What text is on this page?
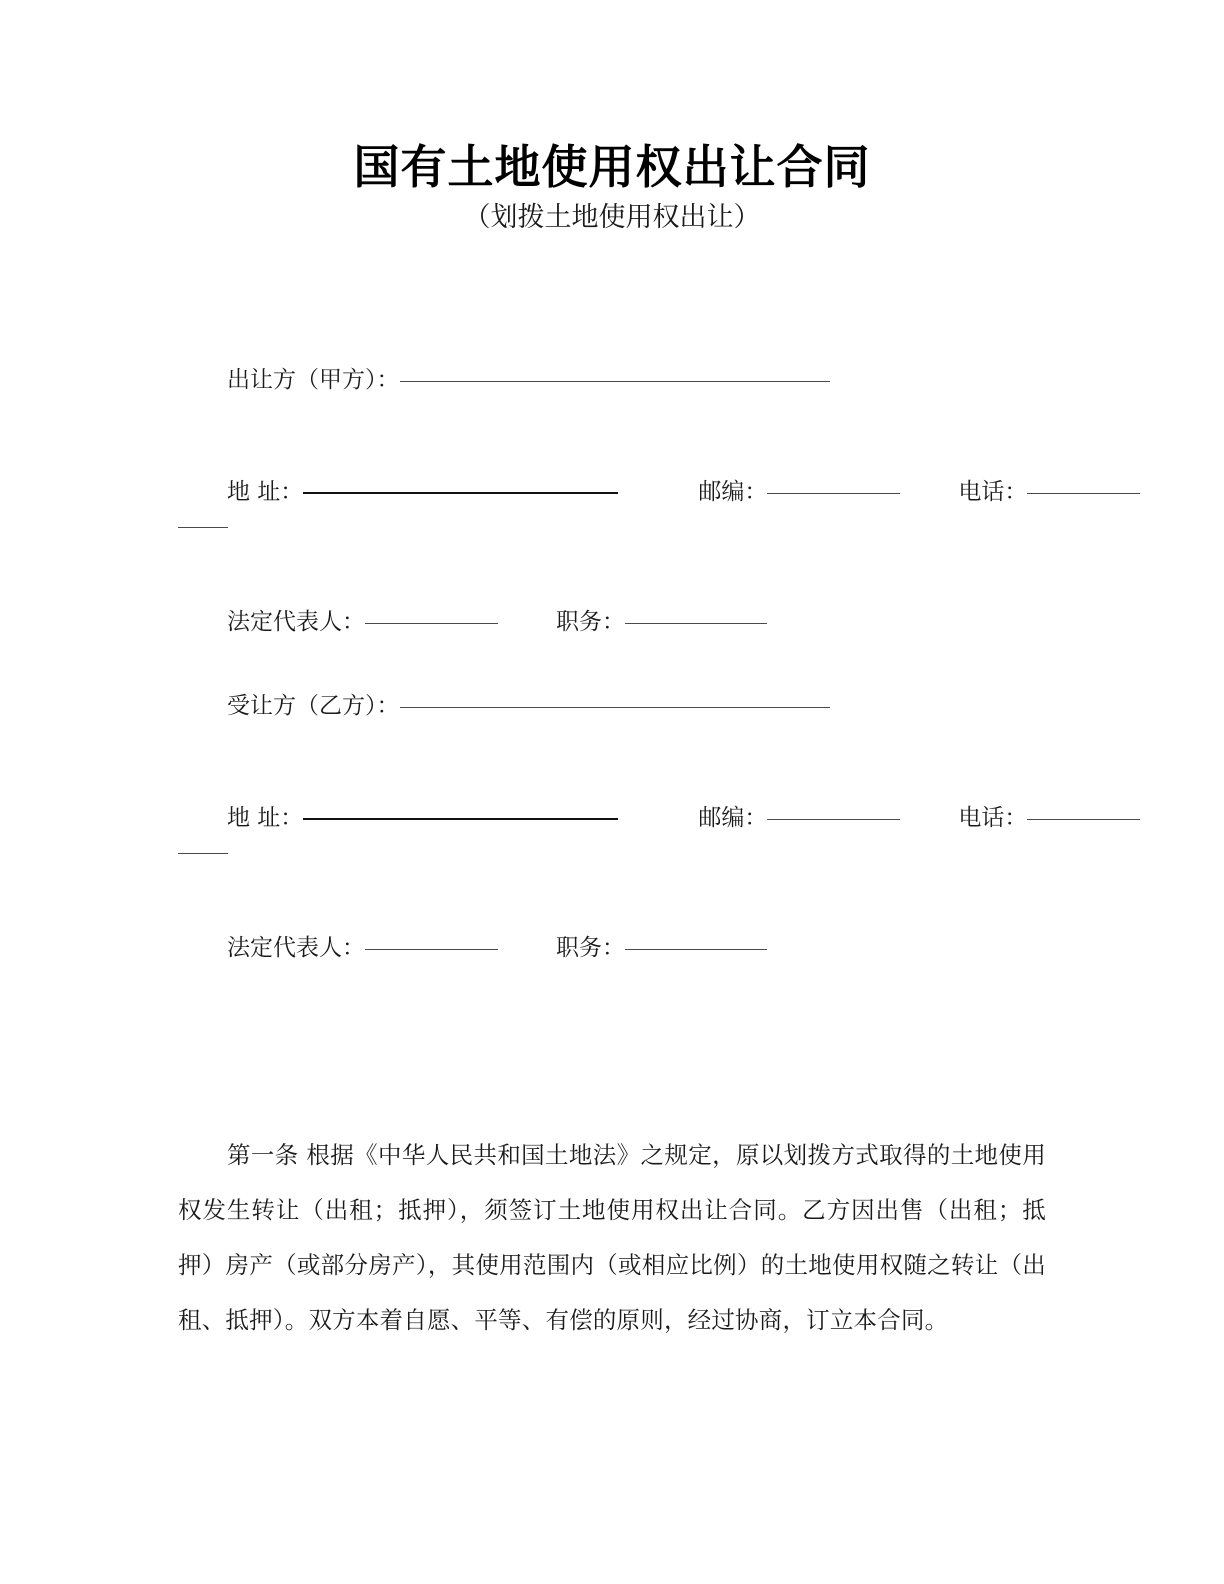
国有土地使用权出让合同
（划拨土地使用权出让）
出让方（甲方）：
地 址：	邮编：	电话：
法定代表人：	职务：
受让方（乙方）：
地 址：	邮编：	电话：
法定代表人：	职务：

第一条 根据《中华人民共和国土地法》之规定，原以划拨方式取得的土地使用权发生转让（出租；抵押），须签订土地使用权出让合同。乙方因出售（出租；抵押）房产（或部分房产），其使用范围内（或相应比例）的土地使用权随之转让（出租、抵押）。双方本着自愿、平等、有偿的原则，经过协商，订立本合同。
